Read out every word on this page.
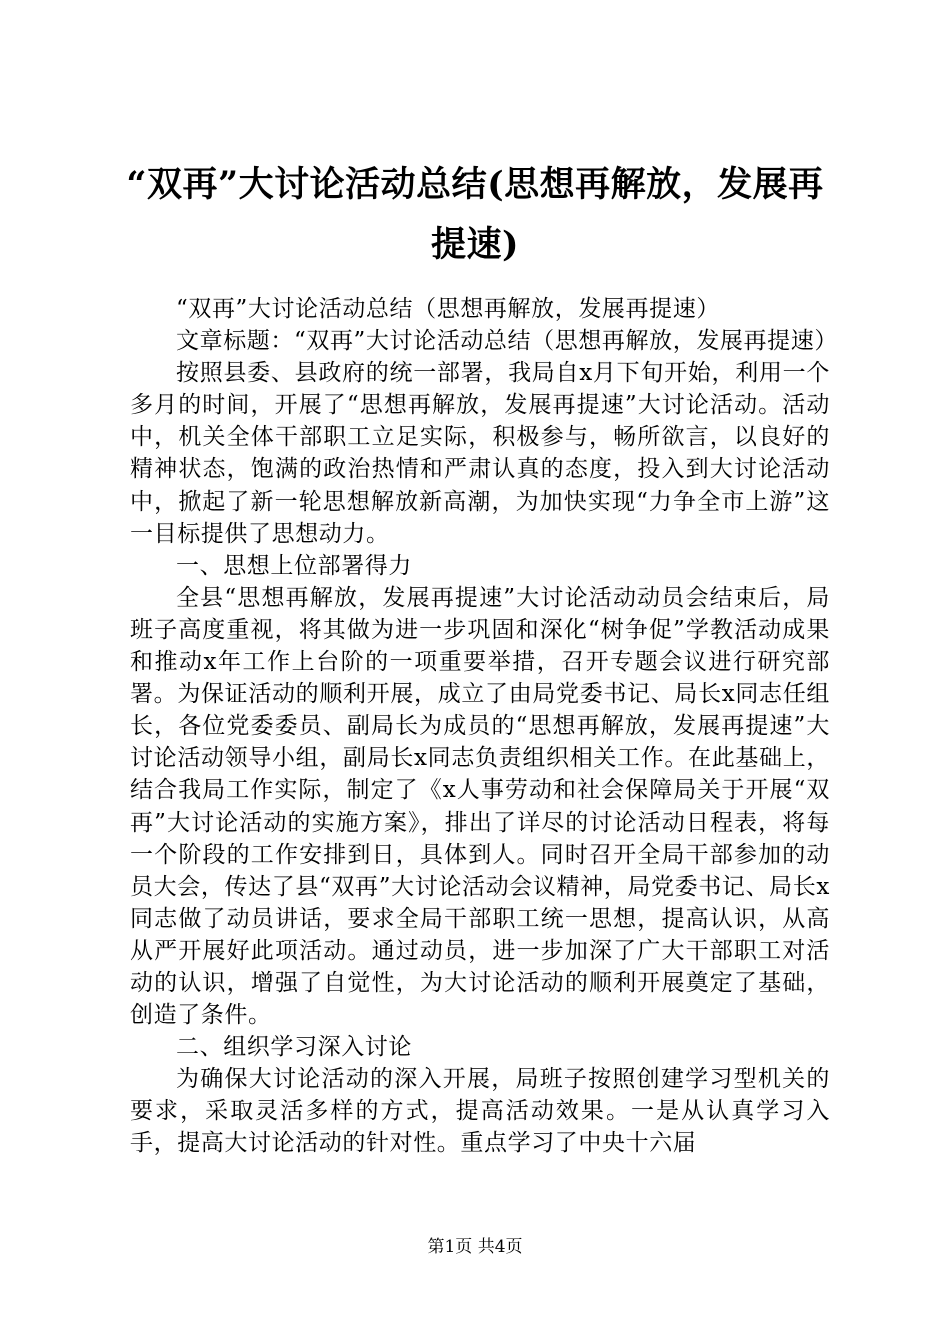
“双再”大讨论活动总结(思想再解放，发展再提速)

“双再”大讨论活动总结（思想再解放，发展再提速）

文章标题：“双再”大讨论活动总结（思想再解放，发展再提速）

按照县委、县政府的统一部署，我局自x月下旬开始，利用一个多月的时间，开展了“思想再解放，发展再提速”大讨论活动。活动中，机关全体干部职工立足实际，积极参与，畅所欲言，以良好的精神状态，饱满的政治热情和严肃认真的态度，投入到大讨论活动中，掀起了新一轮思想解放新高潮，为加快实现“力争全市上游”这一目标提供了思想动力。

一、思想上位部署得力

全县“思想再解放，发展再提速”大讨论活动动员会结束后，局班子高度重视，将其做为进一步巩固和深化“树争促”学教活动成果和推动x年工作上台阶的一项重要举措，召开专题会议进行研究部署。为保证活动的顺利开展，成立了由局党委书记、局长x同志任组长，各位党委委员、副局长为成员的“思想再解放，发展再提速”大讨论活动领导小组，副局长x同志负责组织相关工作。在此基础上，结合我局工作实际，制定了《x人事劳动和社会保障局关于开展“双再”大讨论活动的实施方案》，排出了详尽的讨论活动日程表，将每一个阶段的工作安排到日，具体到人。同时召开全局干部参加的动员大会，传达了县“双再”大讨论活动会议精神，局党委书记、局长x同志做了动员讲话，要求全局干部职工统一思想，提高认识，从高从严开展好此项活动。通过动员，进一步加深了广大干部职工对活动的认识，增强了自觉性，为大讨论活动的顺利开展奠定了基础，创造了条件。

二、组织学习深入讨论

为确保大讨论活动的深入开展，局班子按照创建学习型机关的要求，采取灵活多样的方式，提高活动效果。一是从认真学习入手，提高大讨论活动的针对性。重点学习了中央十六届

第1页 共4页
